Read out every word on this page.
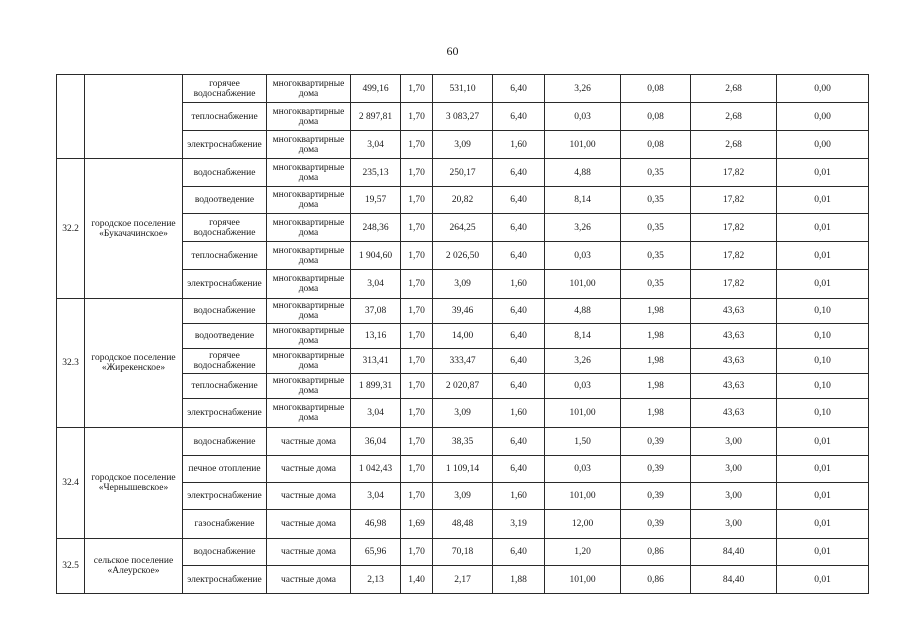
60
		горячее водоснабжение	многоквартирные дома	499,16	1,70	531,10	6,40	3,26	0,08	2,68	0,00
		теплоснабжение	многоквартирные дома	2 897,81	1,70	3 083,27	6,40	0,03	0,08	2,68	0,00
		электроснабжение	многоквартирные дома	3,04	1,70	3,09	1,60	101,00	0,08	2,68	0,00
32.2	городское поселение «Букачачинское»	водоснабжение	многоквартирные дома	235,13	1,70	250,17	6,40	4,88	0,35	17,82	0,01
		водоотведение	многоквартирные дома	19,57	1,70	20,82	6,40	8,14	0,35	17,82	0,01
		горячее водоснабжение	многоквартирные дома	248,36	1,70	264,25	6,40	3,26	0,35	17,82	0,01
		теплоснабжение	многоквартирные дома	1 904,60	1,70	2 026,50	6,40	0,03	0,35	17,82	0,01
		электроснабжение	многоквартирные дома	3,04	1,70	3,09	1,60	101,00	0,35	17,82	0,01
32.3	городское поселение «Жирекенское»	водоснабжение	многоквартирные дома	37,08	1,70	39,46	6,40	4,88	1,98	43,63	0,10
		водоотведение	многоквартирные дома	13,16	1,70	14,00	6,40	8,14	1,98	43,63	0,10
		горячее водоснабжение	многоквартирные дома	313,41	1,70	333,47	6,40	3,26	1,98	43,63	0,10
		теплоснабжение	многоквартирные дома	1 899,31	1,70	2 020,87	6,40	0,03	1,98	43,63	0,10
		электроснабжение	многоквартирные дома	3,04	1,70	3,09	1,60	101,00	1,98	43,63	0,10
32.4	городское поселение «Чернышевское»	водоснабжение	частные дома	36,04	1,70	38,35	6,40	1,50	0,39	3,00	0,01
		печное отопление	частные дома	1 042,43	1,70	1 109,14	6,40	0,03	0,39	3,00	0,01
		электроснабжение	частные дома	3,04	1,70	3,09	1,60	101,00	0,39	3,00	0,01
		газоснабжение	частные дома	46,98	1,69	48,48	3,19	12,00	0,39	3,00	0,01
32.5	сельское поселение «Алеурское»	водоснабжение	частные дома	65,96	1,70	70,18	6,40	1,20	0,86	84,40	0,01
		электроснабжение	частные дома	2,13	1,40	2,17	1,88	101,00	0,86	84,40	0,01
